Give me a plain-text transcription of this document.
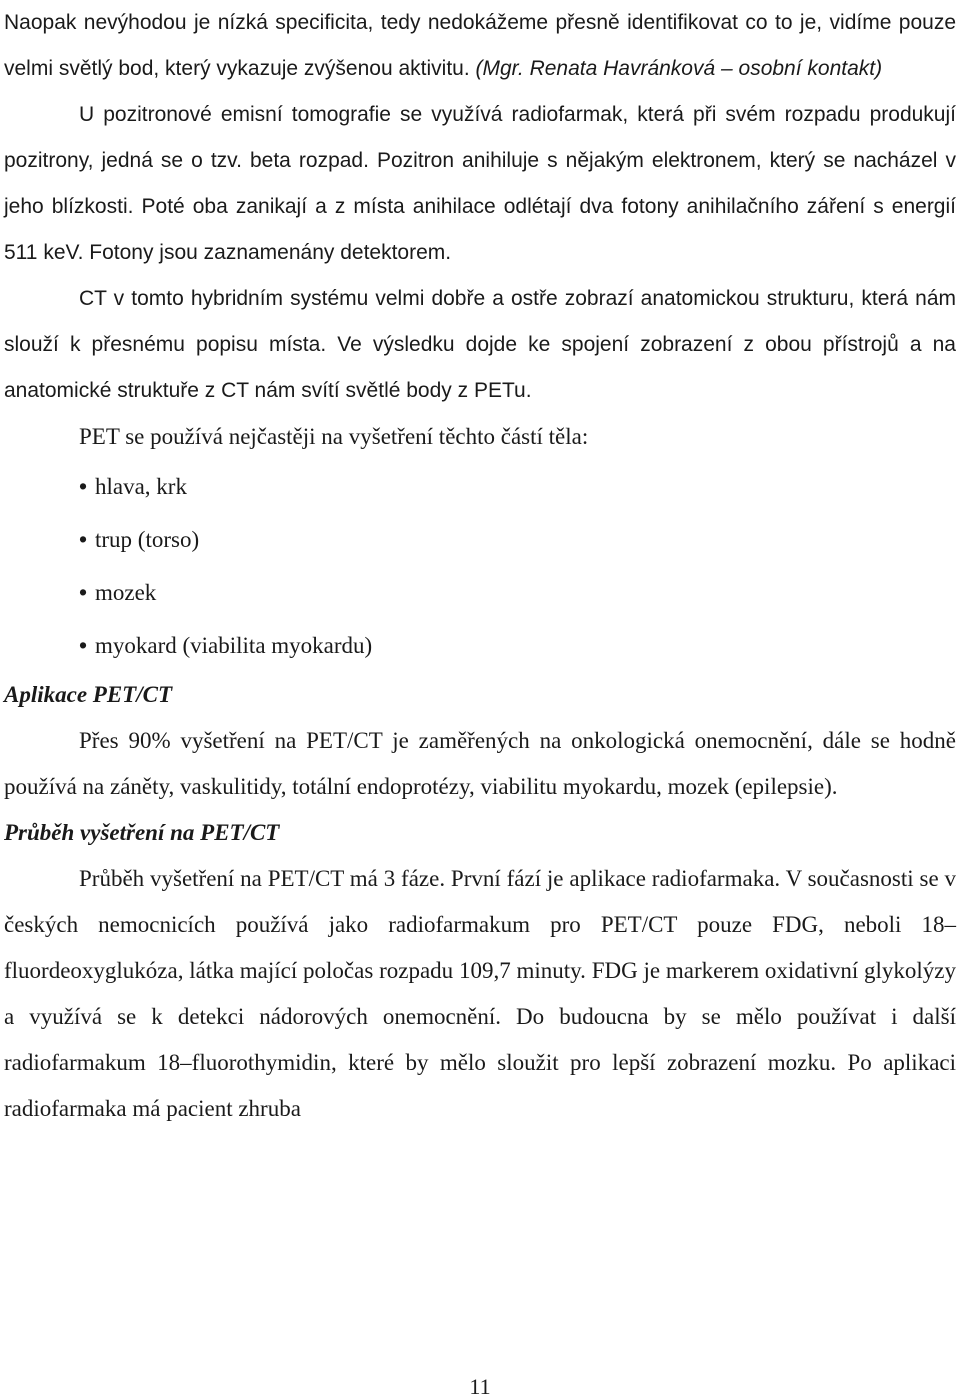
Naopak nevýhodou je nízká specificita, tedy nedokážeme přesně identifikovat co to je, vidíme pouze velmi světlý bod, který vykazuje zvýšenou aktivitu. (Mgr. Renata Havránková – osobní kontakt)

U pozitronové emisní tomografie se využívá radiofarmak, která při svém rozpadu produkují pozitrony, jedná se o tzv. beta rozpad. Pozitron anihiluje s nějakým elektronem, který se nacházel v jeho blízkosti. Poté oba zanikají a z místa anihilace odlétají dva fotony anihilačního záření s energií 511 keV. Fotony jsou zaznamenány detektorem.

CT v tomto hybridním systému velmi dobře a ostře zobrazí anatomickou strukturu, která nám slouží k přesnému popisu místa. Ve výsledku dojde ke spojení zobrazení z obou přístrojů a na anatomické struktuře z CT nám svítí světlé body z PETu.

PET se používá nejčastěji na vyšetření těchto částí těla:

• hlava, krk
• trup (torso)
• mozek
• myokard (viabilita myokardu)
Aplikace PET/CT

Přes 90% vyšetření na PET/CT je zaměřených na onkologická onemocnění, dále se hodně používá na záněty, vaskulitidy, totální endoprotézy, viabilitu myokardu, mozek (epilepsie).

Průběh vyšetření na PET/CT

Průběh vyšetření na PET/CT má 3 fáze. První fází je aplikace radiofarmaka. V současnosti se v českých nemocnicích používá jako radiofarmakum pro PET/CT pouze FDG, neboli 18–fluordeoxyglukóza, látka mající poločas rozpadu 109,7 minuty. FDG je markerem oxidativní glykolýzy a využívá se k detekci nádorových onemocnění. Do budoucna by se mělo používat i další radiofarmakum 18–fluorothymidin, které by mělo sloužit pro lepší zobrazení mozku. Po aplikaci radiofarmaka má pacient zhruba

11
